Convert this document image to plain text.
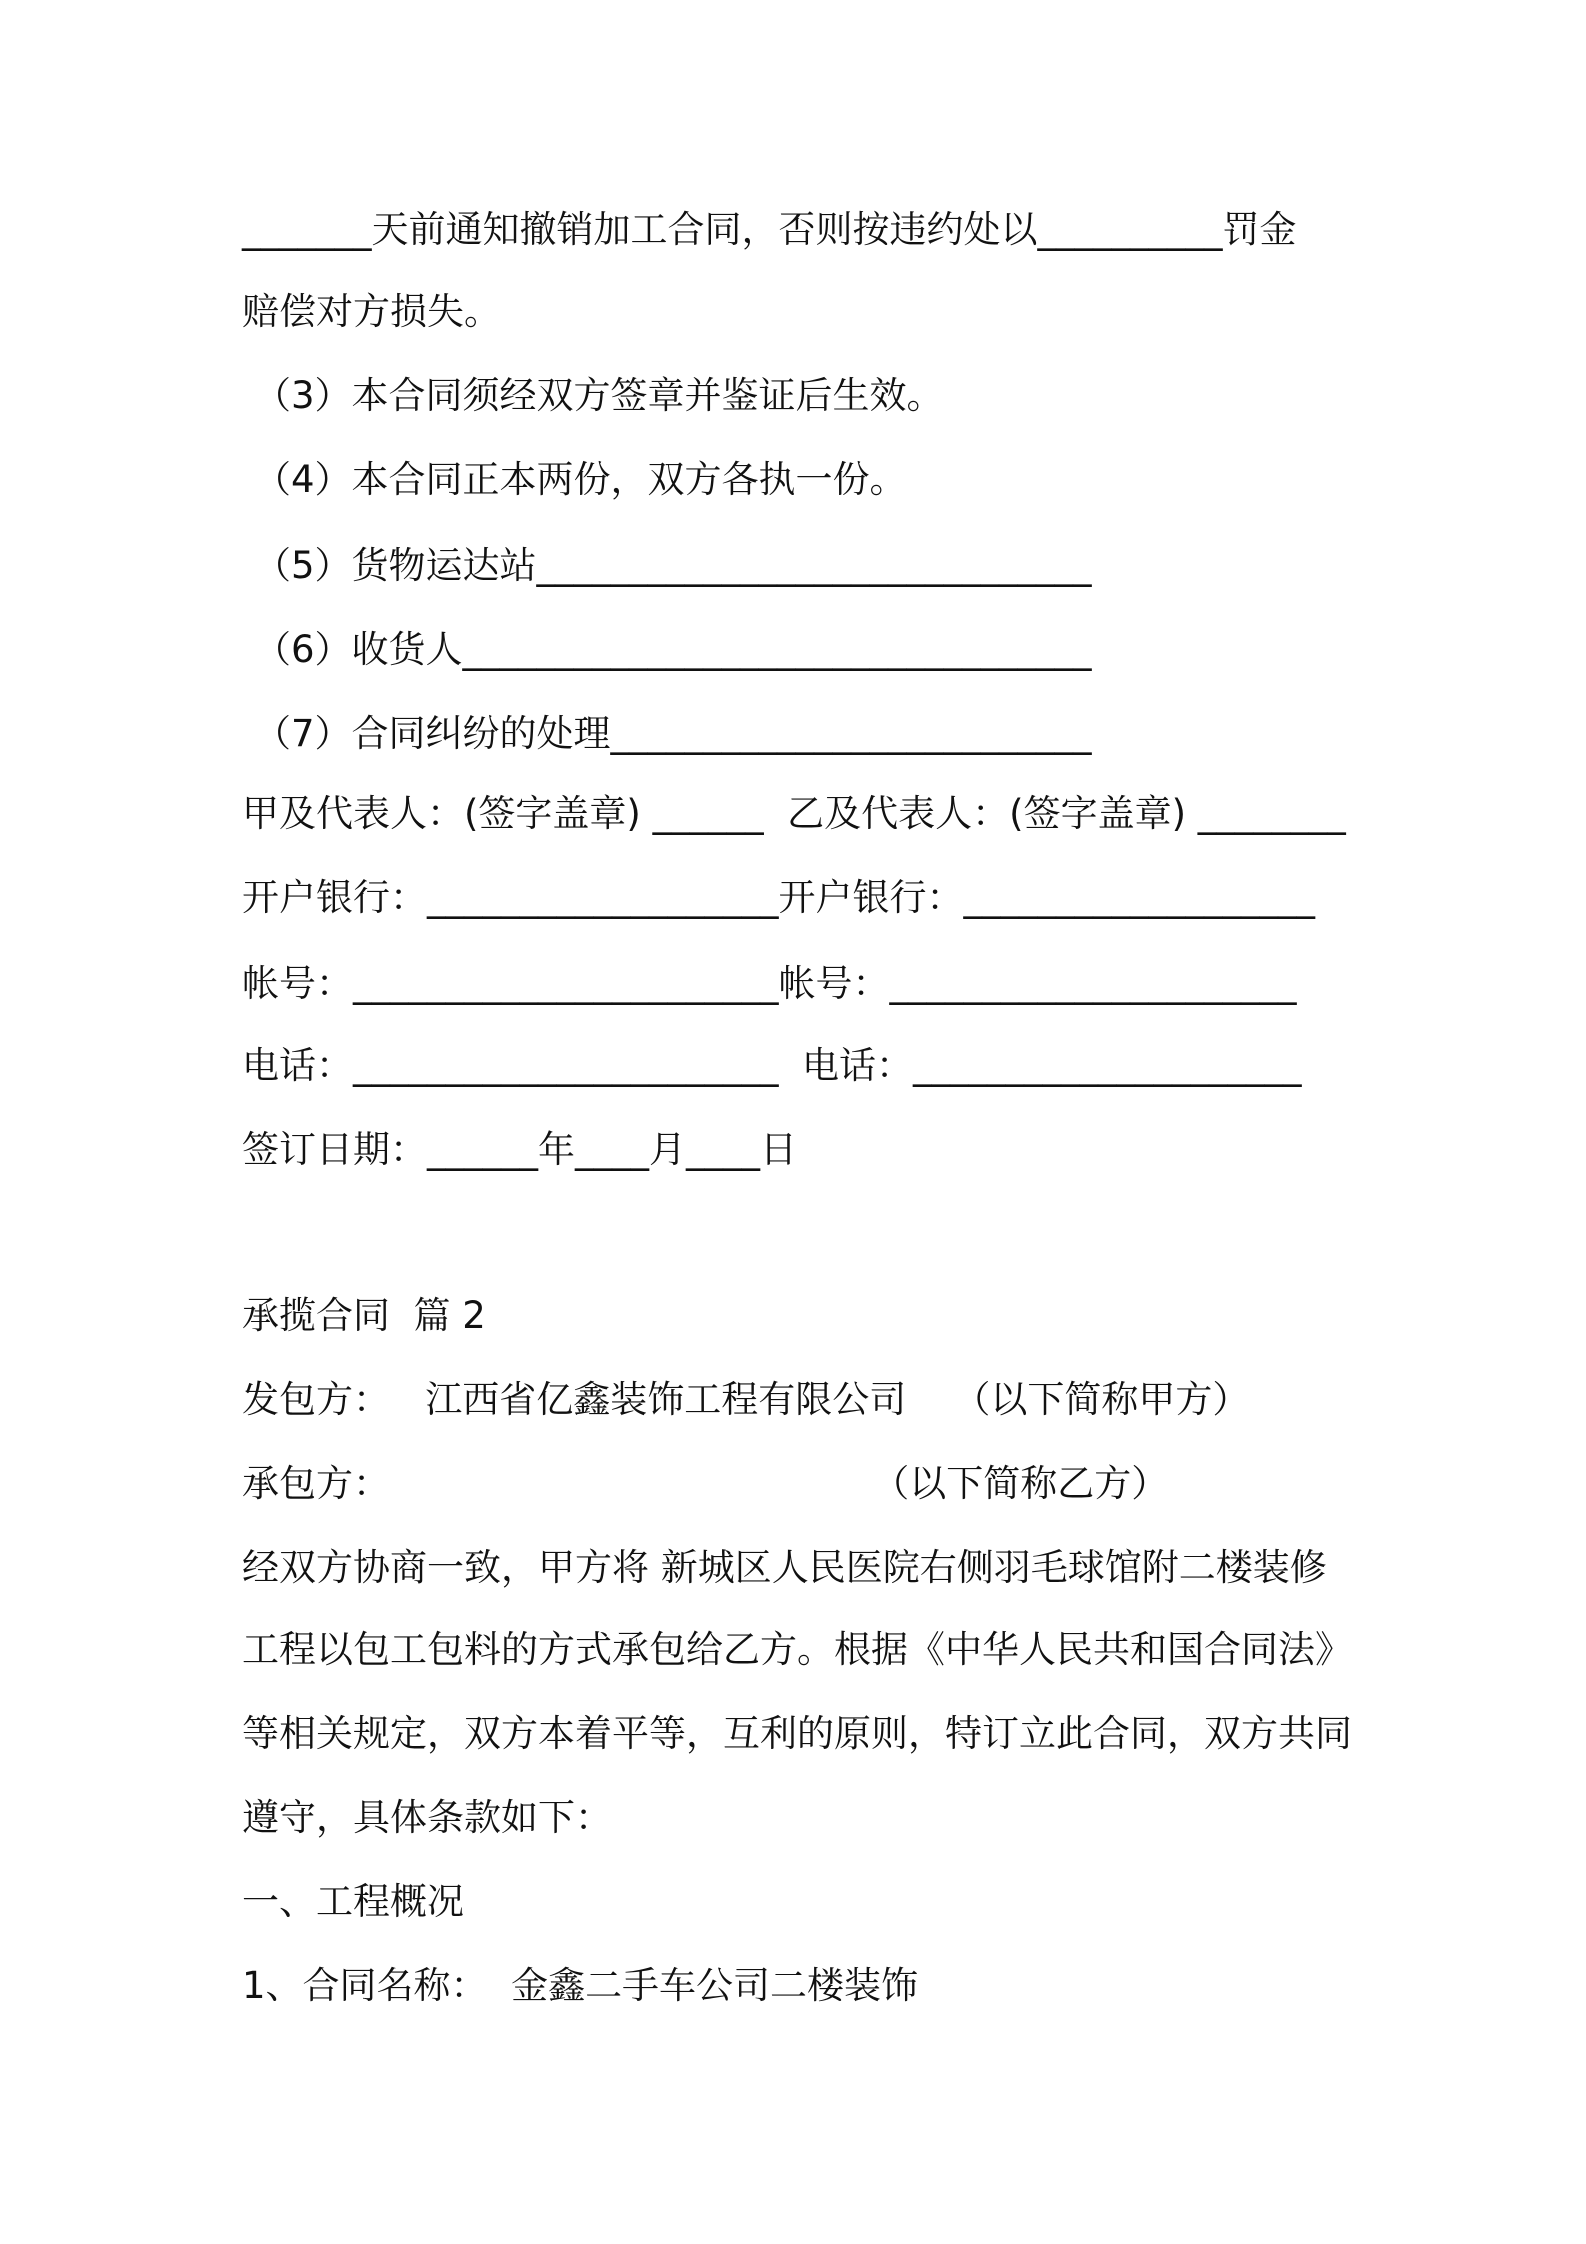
_______天前通知撤销加工合同，否则按违约处以__________罚金
赔偿对方损失。
（3）本合同须经双方签章并鉴证后生效。
（4）本合同正本两份，双方各执一份。
（5）货物运达站______________________________
（6）收货人__________________________________
（7）合同纠纷的处理__________________________
甲及代表人：(签字盖章) ______  乙及代表人：(签字盖章) ________
开户银行：___________________开户银行：___________________
帐号：_______________________帐号：______________________
电话：_______________________  电话：_____________________
签订日期：______年____月____日
承揽合同  篇 2
发包方：   江西省亿鑫装饰工程有限公司    （以下简称甲方）
承包方：                                         （以下简称乙方）
经双方协商一致，甲方将 新城区人民医院右侧羽毛球馆附二楼装修
工程以包工包料的方式承包给乙方。根据《中华人民共和国合同法》
等相关规定，双方本着平等，互利的原则，特订立此合同，双方共同
遵守，具体条款如下：
一、工程概况
1、合同名称：  金鑫二手车公司二楼装饰
